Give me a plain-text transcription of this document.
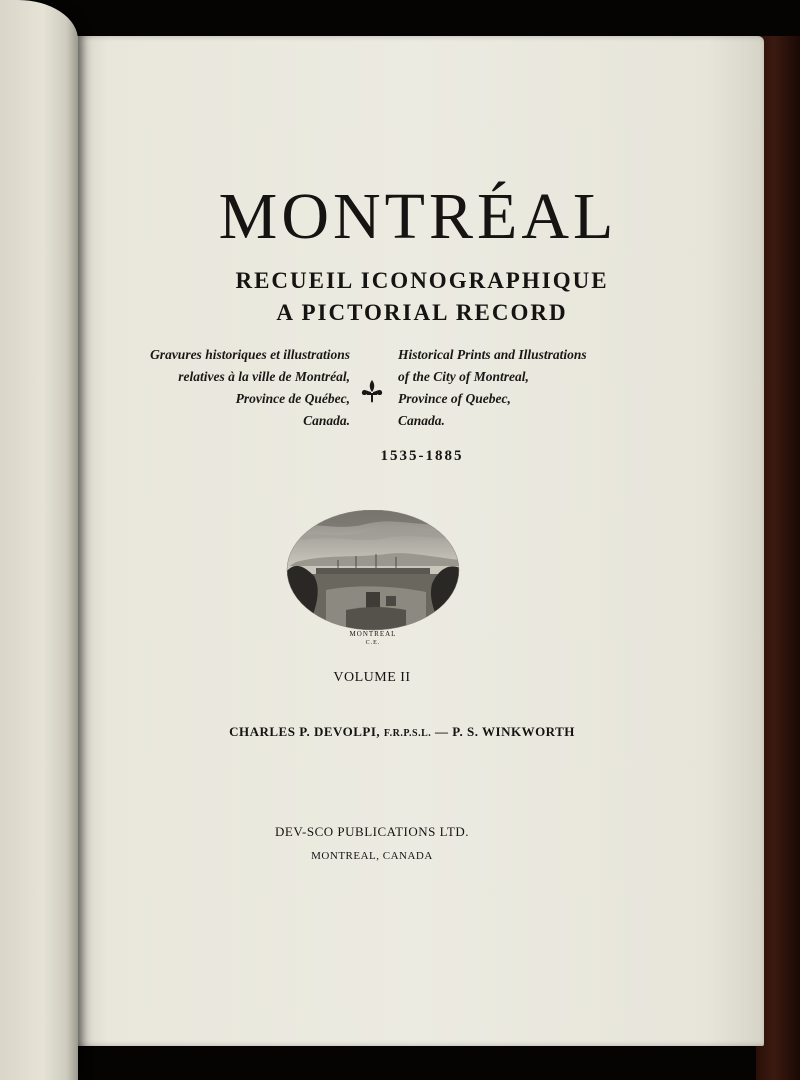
MONTRÉAL
RECUEIL ICONOGRAPHIQUE
A PICTORIAL RECORD
Gravures historiques et illustrations
relatives à la ville de Montréal,
Province de Québec,
Canada.
Historical Prints and Illustrations
of the City of Montreal,
Province of Quebec,
Canada.
1535-1885
MONTREAL
C.E.
VOLUME II
CHARLES P. DEVOLPI, F.R.P.S.L. — P. S. WINKWORTH
DEV-SCO PUBLICATIONS LTD.
MONTREAL, CANADA
